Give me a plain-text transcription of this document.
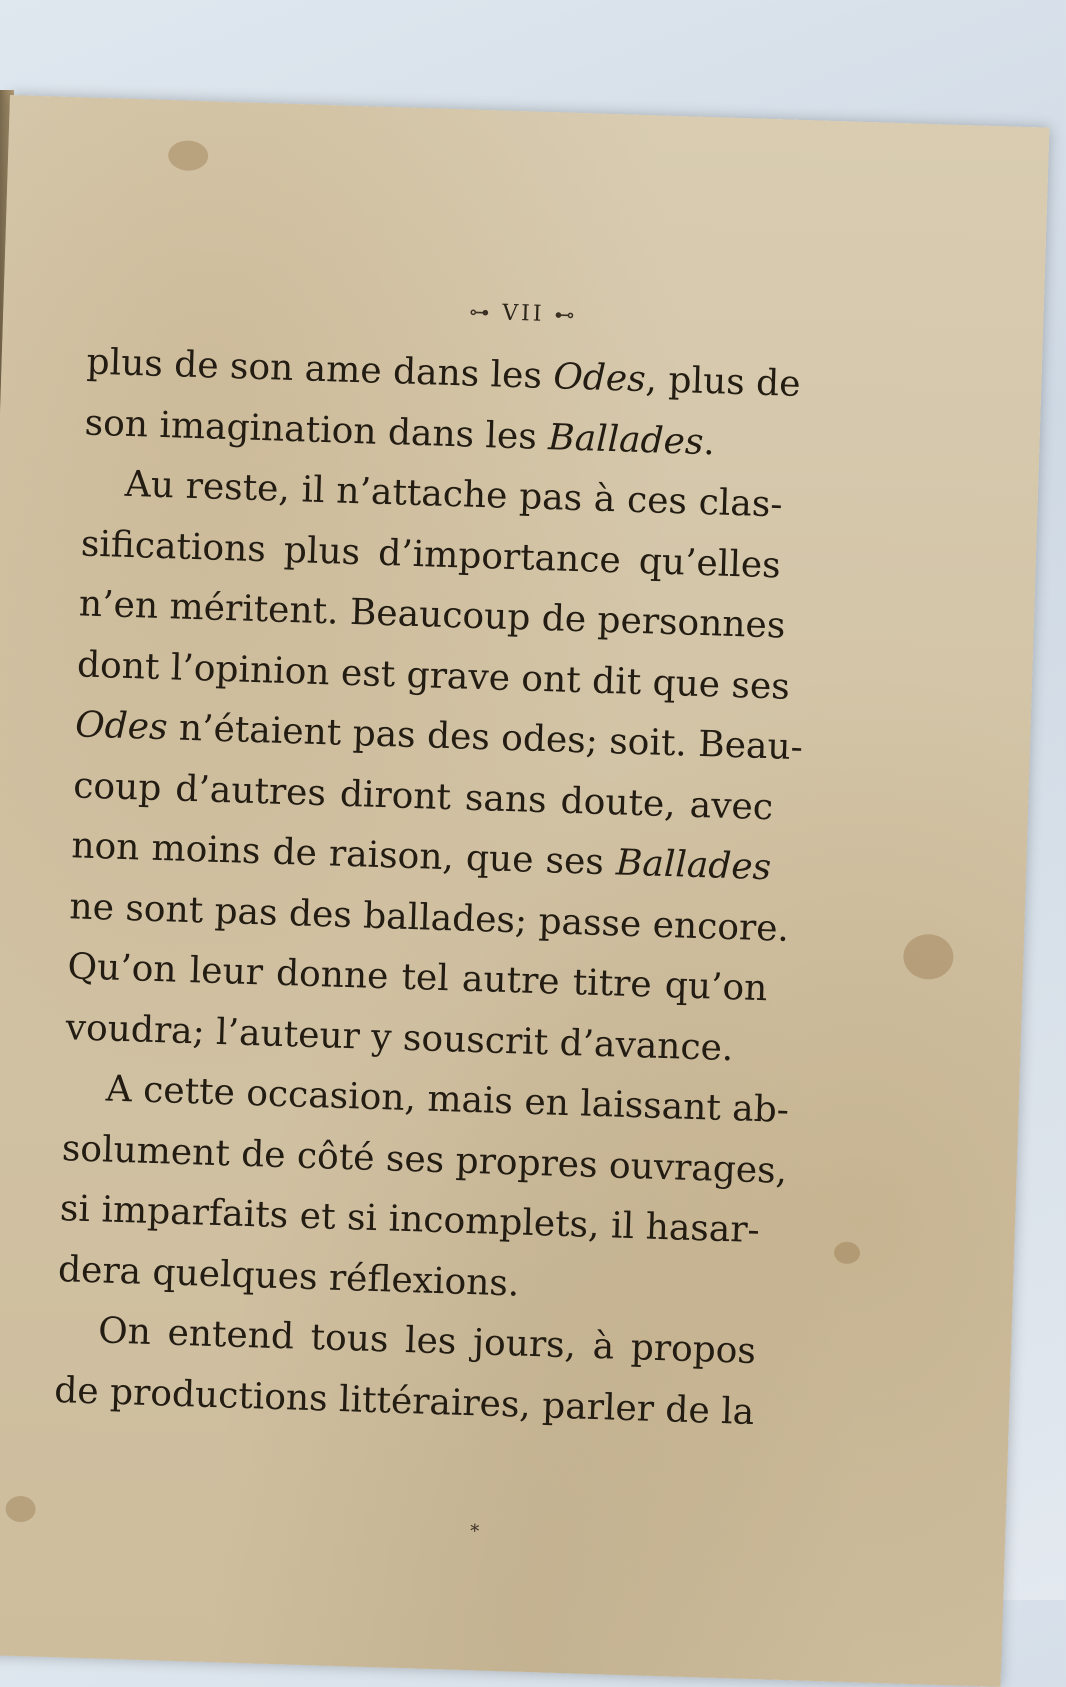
⊶ VII ⊷
plus de son ame dans les Odes, plus de
son imagination dans les Ballades.
Au reste, il n’attache pas à ces clas-
sifications plus d’importance qu’elles
n’en méritent. Beaucoup de personnes
dont l’opinion est grave ont dit que ses
Odes n’étaient pas des odes; soit. Beau-
coup d’autres diront sans doute, avec
non moins de raison, que ses Ballades
ne sont pas des ballades; passe encore.
Qu’on leur donne tel autre titre qu’on
voudra; l’auteur y souscrit d’avance.
A cette occasion, mais en laissant ab-
solument de côté ses propres ouvrages,
si imparfaits et si incomplets, il hasar-
dera quelques réflexions.
On entend tous les jours, à propos
de productions littéraires, parler de la
⁎
